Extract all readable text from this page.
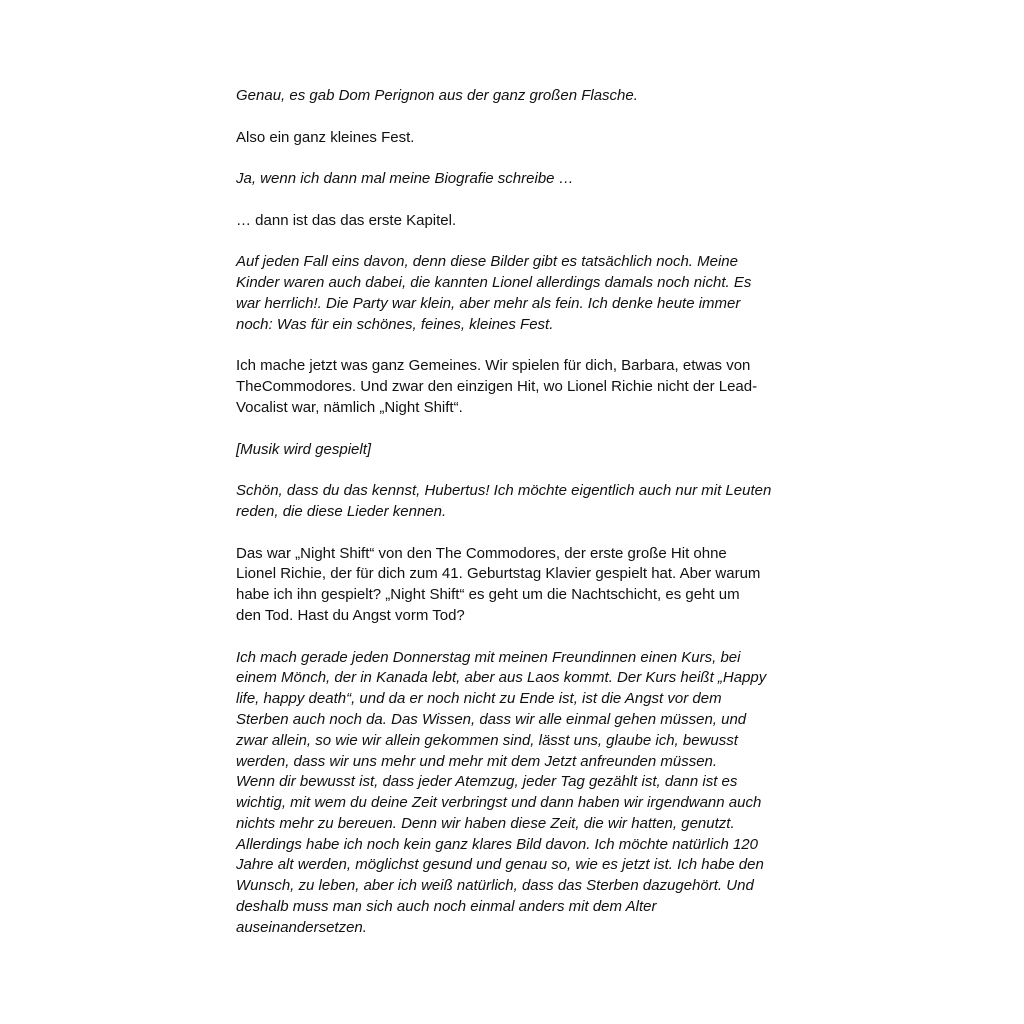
Genau, es gab Dom Perignon aus der ganz großen Flasche.

Also ein ganz kleines Fest.

Ja, wenn ich dann mal meine Biografie schreibe …

… dann ist das das erste Kapitel.

Auf jeden Fall eins davon, denn diese Bilder gibt es tatsächlich noch. Meine
Kinder waren auch dabei, die kannten Lionel allerdings damals noch nicht. Es
war herrlich!. Die Party war klein, aber mehr als fein. Ich denke heute immer
noch: Was für ein schönes, feines, kleines Fest.

Ich mache jetzt was ganz Gemeines. Wir spielen für dich, Barbara, etwas von
TheCommodores. Und zwar den einzigen Hit, wo Lionel Richie nicht der Lead-
Vocalist war, nämlich „Night Shift“.

[Musik wird gespielt]

Schön, dass du das kennst, Hubertus! Ich möchte eigentlich auch nur mit Leuten
reden, die diese Lieder kennen.

Das war „Night Shift“ von den The Commodores, der erste große Hit ohne
Lionel Richie, der für dich zum 41. Geburtstag Klavier gespielt hat. Aber warum
habe ich ihn gespielt? „Night Shift“ es geht um die Nachtschicht, es geht um
den Tod. Hast du Angst vorm Tod?

Ich mach gerade jeden Donnerstag mit meinen Freundinnen einen Kurs, bei
einem Mönch, der in Kanada lebt, aber aus Laos kommt. Der Kurs heißt „Happy
life, happy death“, und da er noch nicht zu Ende ist, ist die Angst vor dem
Sterben auch noch da. Das Wissen, dass wir alle einmal gehen müssen, und
zwar allein, so wie wir allein gekommen sind, lässt uns, glaube ich, bewusst
werden, dass wir uns mehr und mehr mit dem Jetzt anfreunden müssen.
Wenn dir bewusst ist, dass jeder Atemzug, jeder Tag gezählt ist, dann ist es
wichtig, mit wem du deine Zeit verbringst und dann haben wir irgendwann auch
nichts mehr zu bereuen. Denn wir haben diese Zeit, die wir hatten, genutzt.
Allerdings habe ich noch kein ganz klares Bild davon. Ich möchte natürlich 120
Jahre alt werden, möglichst gesund und genau so, wie es jetzt ist. Ich habe den
Wunsch, zu leben, aber ich weiß natürlich, dass das Sterben dazugehört. Und
deshalb muss man sich auch noch einmal anders mit dem Alter
auseinandersetzen.
